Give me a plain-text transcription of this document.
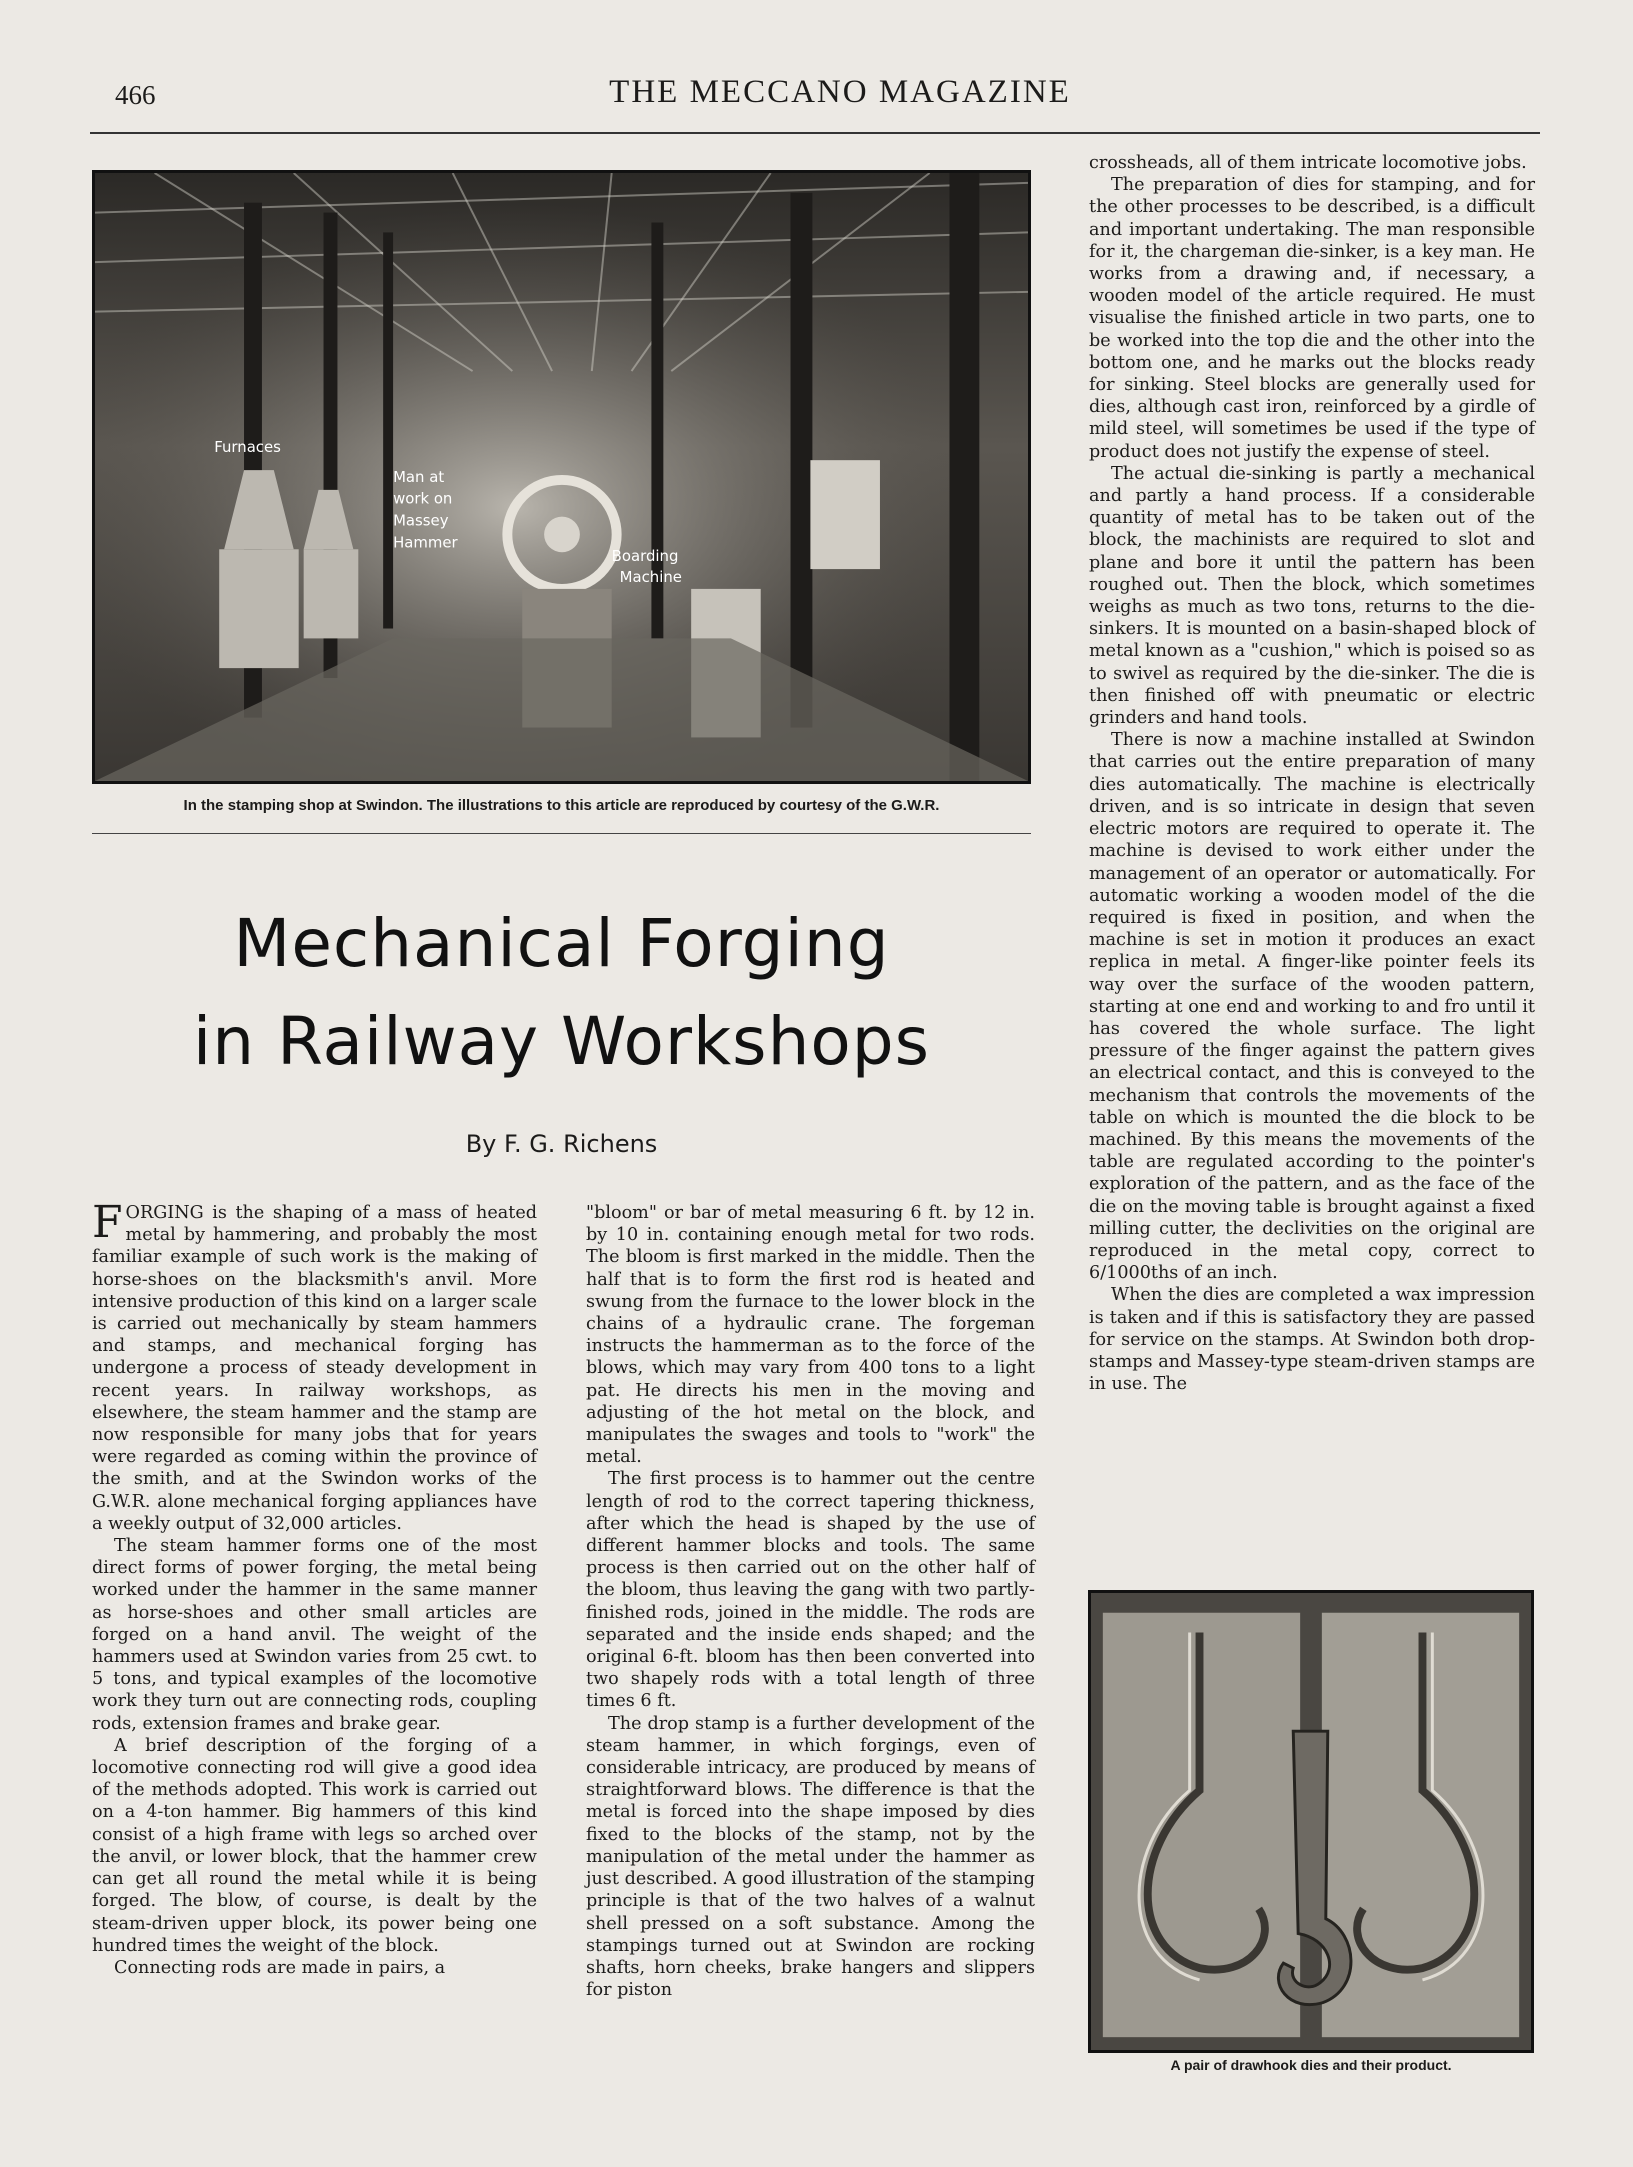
466	THE MECCANO MAGAZINE
Furnaces
Man at
work on
Massey
Hammer
Boarding
Machine
In the stamping shop at Swindon. The illustrations to this article are reproduced by courtesy of the G.W.R.
Mechanical Forging
in Railway Workshops
By F. G. Richens

FORGING is the shaping of a mass of heated metal by hammering, and probably the most familiar example of such work is the making of horse-shoes on the blacksmith's anvil. More intensive production of this kind on a larger scale is carried out mechanically by steam hammers and stamps, and mechanical forging has undergone a process of steady development in recent years. In railway workshops, as elsewhere, the steam hammer and the stamp are now responsible for many jobs that for years were regarded as coming within the province of the smith, and at the Swindon works of the G.W.R. alone mechanical forging appliances have a weekly output of 32,000 articles.

The steam hammer forms one of the most direct forms of power forging, the metal being worked under the hammer in the same manner as horse-shoes and other small articles are forged on a hand anvil. The weight of the hammers used at Swindon varies from 25 cwt. to 5 tons, and typical examples of the locomotive work they turn out are connecting rods, coupling rods, extension frames and brake gear.

A brief description of the forging of a locomotive connecting rod will give a good idea of the methods adopted. This work is carried out on a 4-ton hammer. Big hammers of this kind consist of a high frame with legs so arched over the anvil, or lower block, that the hammer crew can get all round the metal while it is being forged. The blow, of course, is dealt by the steam-driven upper block, its power being one hundred times the weight of the block.

Connecting rods are made in pairs, a

"bloom" or bar of metal measuring 6 ft. by 12 in. by 10 in. containing enough metal for two rods. The bloom is first marked in the middle. Then the half that is to form the first rod is heated and swung from the furnace to the lower block in the chains of a hydraulic crane. The forgeman instructs the hammerman as to the force of the blows, which may vary from 400 tons to a light pat. He directs his men in the moving and adjusting of the hot metal on the block, and manipulates the swages and tools to "work" the metal.

The first process is to hammer out the centre length of rod to the correct tapering thickness, after which the head is shaped by the use of different hammer blocks and tools. The same process is then carried out on the other half of the bloom, thus leaving the gang with two partly-finished rods, joined in the middle. The rods are separated and the inside ends shaped; and the original 6-ft. bloom has then been converted into two shapely rods with a total length of three times 6 ft.

The drop stamp is a further development of the steam hammer, in which forgings, even of considerable intricacy, are produced by means of straightforward blows. The difference is that the metal is forced into the shape imposed by dies fixed to the blocks of the stamp, not by the manipulation of the metal under the hammer as just described. A good illustration of the stamping principle is that of the two halves of a walnut shell pressed on a soft substance. Among the stampings turned out at Swindon are rocking shafts, horn cheeks, brake hangers and slippers for piston

crossheads, all of them intricate locomotive jobs.

The preparation of dies for stamping, and for the other processes to be described, is a difficult and important undertaking. The man responsible for it, the chargeman die-sinker, is a key man. He works from a drawing and, if necessary, a wooden model of the article required. He must visualise the finished article in two parts, one to be worked into the top die and the other into the bottom one, and he marks out the blocks ready for sinking. Steel blocks are generally used for dies, although cast iron, reinforced by a girdle of mild steel, will sometimes be used if the type of product does not justify the expense of steel.

The actual die-sinking is partly a mechanical and partly a hand process. If a considerable quantity of metal has to be taken out of the block, the machinists are required to slot and plane and bore it until the pattern has been roughed out. Then the block, which sometimes weighs as much as two tons, returns to the die-sinkers. It is mounted on a basin-shaped block of metal known as a "cushion," which is poised so as to swivel as required by the die-sinker. The die is then finished off with pneumatic or electric grinders and hand tools.

There is now a machine installed at Swindon that carries out the entire preparation of many dies automatically. The machine is electrically driven, and is so intricate in design that seven electric motors are required to operate it. The machine is devised to work either under the management of an operator or automatically. For automatic working a wooden model of the die required is fixed in position, and when the machine is set in motion it produces an exact replica in metal. A finger-like pointer feels its way over the surface of the wooden pattern, starting at one end and working to and fro until it has covered the whole surface. The light pressure of the finger against the pattern gives an electrical contact, and this is conveyed to the mechanism that controls the movements of the table on which is mounted the die block to be machined. By this means the movements of the table are regulated according to the pointer's exploration of the pattern, and as the face of the die on the moving table is brought against a fixed milling cutter, the declivities on the original are reproduced in the metal copy, correct to 6/1000ths of an inch.

When the dies are completed a wax impression is taken and if this is satisfactory they are passed for service on the stamps. At Swindon both drop-stamps and Massey-type steam-driven stamps are in use. The

A pair of drawhook dies and their product.
